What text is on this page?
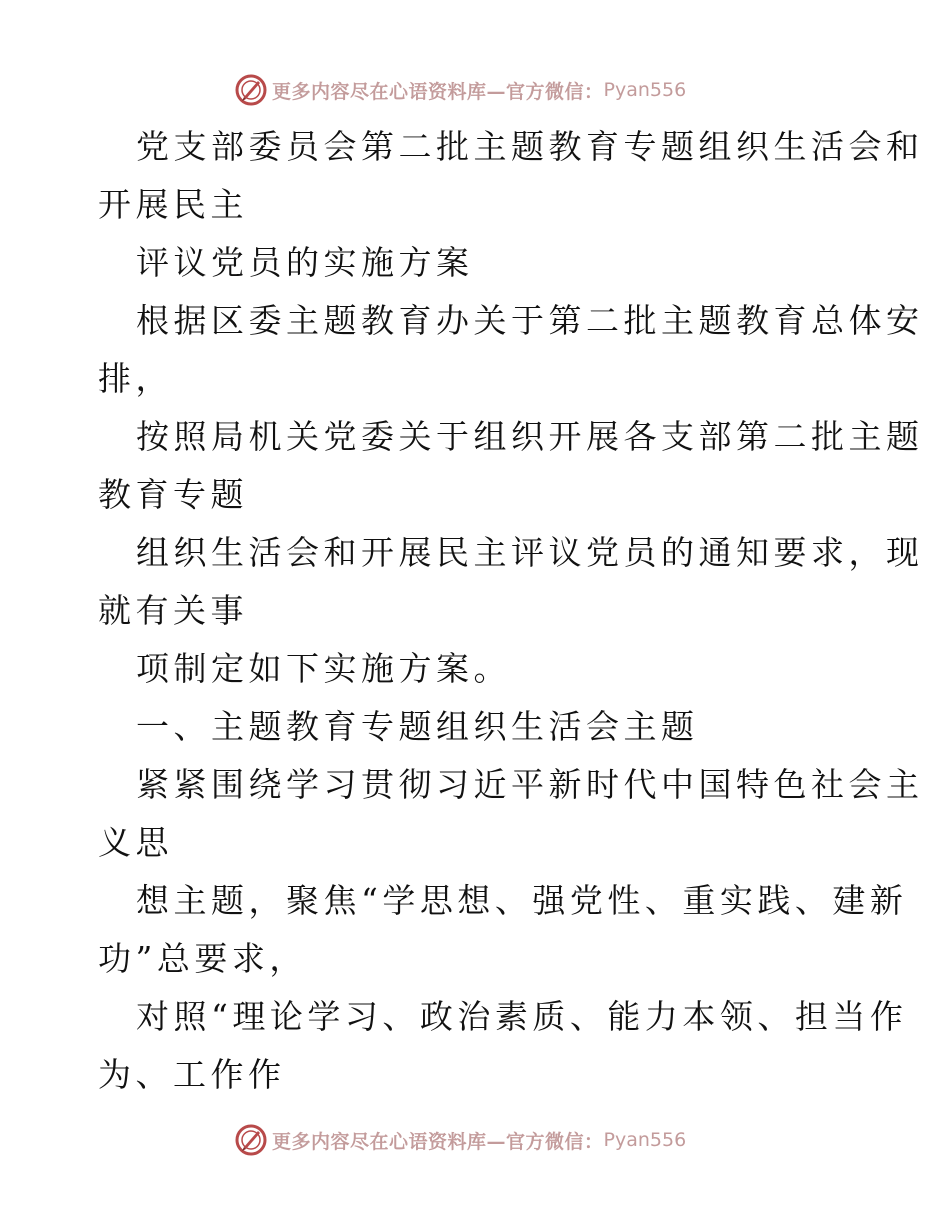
更多内容尽在心语资料库—官方微信： Pyan556
党支部委员会第二批主题教育专题组织生活会和
开展民主
评议党员的实施方案
根据区委主题教育办关于第二批主题教育总体安
排，
按照局机关党委关于组织开展各支部第二批主题
教育专题
组织生活会和开展民主评议党员的通知要求，现
就有关事
项制定如下实施方案。
一、主题教育专题组织生活会主题
紧紧围绕学习贯彻习近平新时代中国特色社会主
义思
想主题，聚焦“学思想、强党性、重实践、建新
功”总要求，
对照“理论学习、政治素质、能力本领、担当作
为、工作作
更多内容尽在心语资料库—官方微信： Pyan556
